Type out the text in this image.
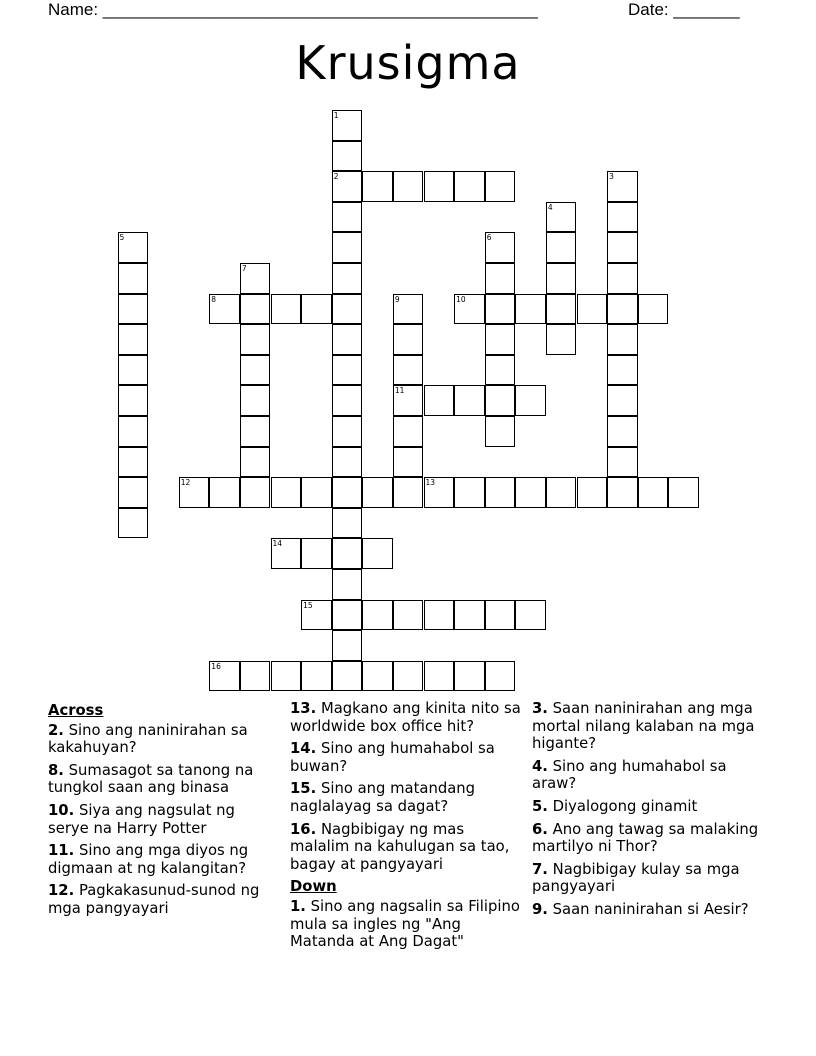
Name: ______________________________________________	Date: _______
Krusigma
1
2	3
4
5	6
7
8	9
11
10
12	13
14
15
16
Across
2. Sino ang naninirahan sa kakahuyan?
8. Sumasagot sa tanong na tungkol saan ang binasa
10. Siya ang nagsulat ng serye na Harry Potter
11. Sino ang mga diyos ng digmaan at ng kalangitan?
12. Pagkakasunud-sunod ng mga pangyayari
13. Magkano ang kinita nito sa worldwide box office hit?
14. Sino ang humahabol sa buwan?
15. Sino ang matandang naglalayag sa dagat?
16. Nagbibigay ng mas malalim na kahulugan sa tao, bagay at pangyayari
Down
1. Sino ang nagsalin sa Filipino mula sa ingles ng "Ang Matanda at Ang Dagat"
3. Saan naninirahan ang mga mortal nilang kalaban na mga higante?
4. Sino ang humahabol sa araw?
5. Diyalogong ginamit
6. Ano ang tawag sa malaking martilyo ni Thor?
7. Nagbibigay kulay sa mga pangyayari
9. Saan naninirahan si Aesir?
